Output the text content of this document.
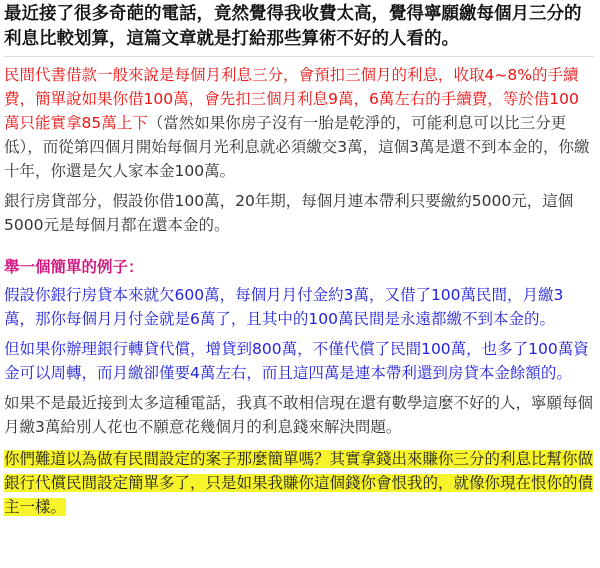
最近接了很多奇葩的電話，竟然覺得我收費太高，覺得寧願繳每個月三分的利息比較划算，這篇文章就是打給那些算術不好的人看的。

民間代書借款一般來說是每個月利息三分，會預扣三個月的利息，收取4~8%的手續費，簡單說如果你借100萬，會先扣三個月利息9萬，6萬左右的手續費，等於借100萬只能實拿85萬上下（當然如果你房子沒有一胎是乾淨的，可能利息可以比三分更低），而從第四個月開始每個月光利息就必須繳交3萬，這個3萬是還不到本金的，你繳十年，你還是欠人家本金100萬。

銀行房貸部分，假設你借100萬，20年期，每個月連本帶利只要繳約5000元，這個5000元是每個月都在還本金的。

舉一個簡單的例子：

假設你銀行房貸本來就欠600萬，每個月月付金約3萬，又借了100萬民間，月繳3萬，那你每個月月付金就是6萬了，且其中的100萬民間是永遠都繳不到本金的。

但如果你辦理銀行轉貸代償，增貸到800萬，不僅代償了民間100萬，也多了100萬資金可以周轉，而月繳卻僅要4萬左右，而且這四萬是連本帶利還到房貸本金餘額的。

如果不是最近接到太多這種電話，我真不敢相信現在還有數學這麼不好的人，寧願每個月繳3萬給別人花也不願意花幾個月的利息錢來解決問題。

你們難道以為做有民間設定的案子那麼簡單嗎？其實拿錢出來賺你三分的利息比幫你做銀行代償民間設定簡單多了，只是如果我賺你這個錢你會恨我的，就像你現在恨你的債主一樣。
